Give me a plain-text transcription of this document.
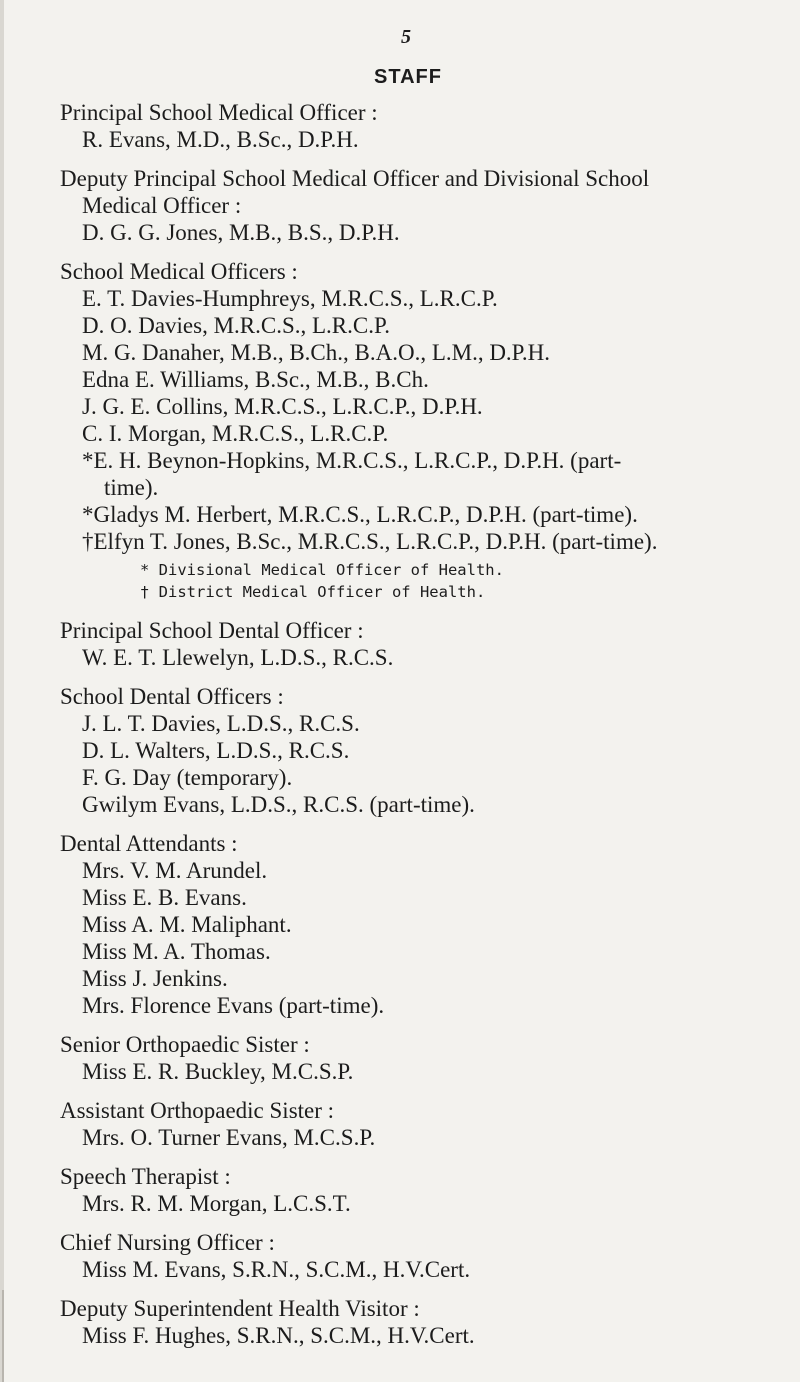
5
STAFF
Principal School Medical Officer :
R. Evans, M.D., B.Sc., D.P.H.
Deputy Principal School Medical Officer and Divisional School
Medical Officer :
D. G. G. Jones, M.B., B.S., D.P.H.
School Medical Officers :
E. T. Davies-Humphreys, M.R.C.S., L.R.C.P.
D. O. Davies, M.R.C.S., L.R.C.P.
M. G. Danaher, M.B., B.Ch., B.A.O., L.M., D.P.H.
Edna E. Williams, B.Sc., M.B., B.Ch.
J. G. E. Collins, M.R.C.S., L.R.C.P., D.P.H.
C. I. Morgan, M.R.C.S., L.R.C.P.
*E. H. Beynon-Hopkins, M.R.C.S., L.R.C.P., D.P.H. (part-
time).
*Gladys M. Herbert, M.R.C.S., L.R.C.P., D.P.H. (part-time).
†Elfyn T. Jones, B.Sc., M.R.C.S., L.R.C.P., D.P.H. (part-time).
* Divisional Medical Officer of Health.
† District Medical Officer of Health.
Principal School Dental Officer :
W. E. T. Llewelyn, L.D.S., R.C.S.
School Dental Officers :
J. L. T. Davies, L.D.S., R.C.S.
D. L. Walters, L.D.S., R.C.S.
F. G. Day (temporary).
Gwilym Evans, L.D.S., R.C.S. (part-time).
Dental Attendants :
Mrs. V. M. Arundel.
Miss E. B. Evans.
Miss A. M. Maliphant.
Miss M. A. Thomas.
Miss J. Jenkins.
Mrs. Florence Evans (part-time).
Senior Orthopaedic Sister :
Miss E. R. Buckley, M.C.S.P.
Assistant Orthopaedic Sister :
Mrs. O. Turner Evans, M.C.S.P.
Speech Therapist :
Mrs. R. M. Morgan, L.C.S.T.
Chief Nursing Officer :
Miss M. Evans, S.R.N., S.C.M., H.V.Cert.
Deputy Superintendent Health Visitor :
Miss F. Hughes, S.R.N., S.C.M., H.V.Cert.
